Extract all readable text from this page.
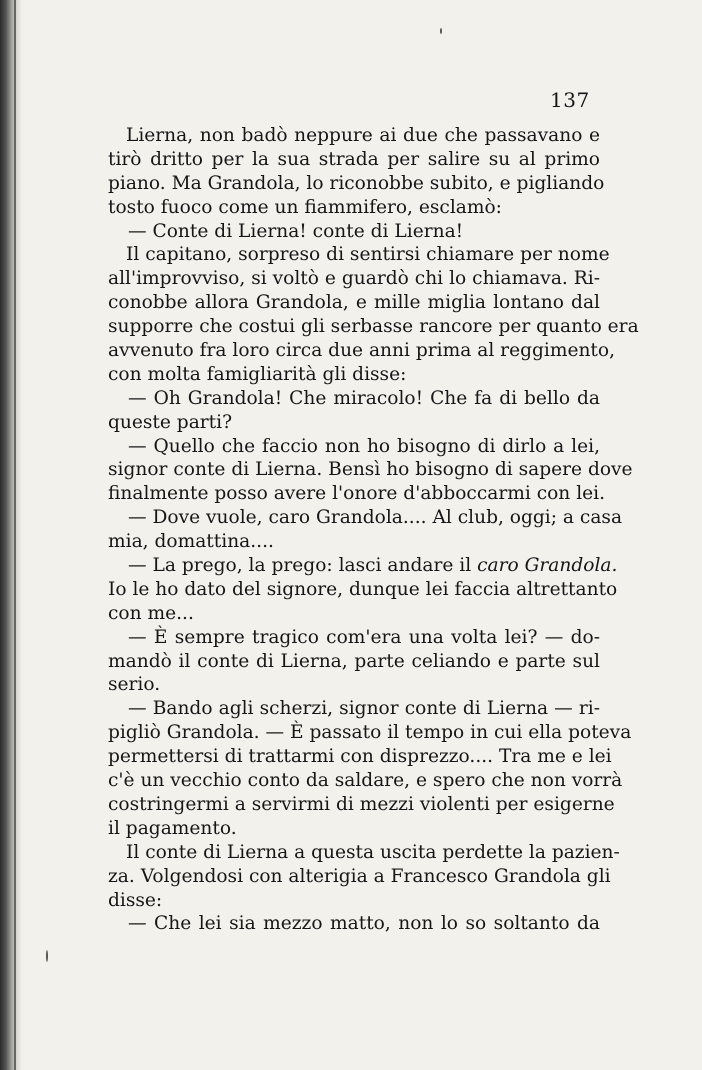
137
Lierna, non badò neppure ai due che passavano e
tirò dritto per la sua strada per salire su al primo
piano. Ma Grandola, lo riconobbe subito, e pigliando
tosto fuoco come un fiammifero, esclamò:
— Conte di Lierna! conte di Lierna!
Il capitano, sorpreso di sentirsi chiamare per nome
all'improvviso, si voltò e guardò chi lo chiamava. Ri-
conobbe allora Grandola, e mille miglia lontano dal
supporre che costui gli serbasse rancore per quanto era
avvenuto fra loro circa due anni prima al reggimento,
con molta famigliarità gli disse:
— Oh Grandola! Che miracolo! Che fa di bello da
queste parti?
— Quello che faccio non ho bisogno di dirlo a lei,
signor conte di Lierna. Bensì ho bisogno di sapere dove
finalmente posso avere l'onore d'abboccarmi con lei.
— Dove vuole, caro Grandola.... Al club, oggi; a casa
mia, domattina....
— La prego, la prego: lasci andare il caro Grandola.
Io le ho dato del signore, dunque lei faccia altrettanto
con me...
— È sempre tragico com'era una volta lei? — do-
mandò il conte di Lierna, parte celiando e parte sul
serio.
— Bando agli scherzi, signor conte di Lierna — ri-
pigliò Grandola. — È passato il tempo in cui ella poteva
permettersi di trattarmi con disprezzo.... Tra me e lei
c'è un vecchio conto da saldare, e spero che non vorrà
costringermi a servirmi di mezzi violenti per esigerne
il pagamento.
Il conte di Lierna a questa uscita perdette la pazien-
za. Volgendosi con alterigia a Francesco Grandola gli
disse:
— Che lei sia mezzo matto, non lo so soltanto da
